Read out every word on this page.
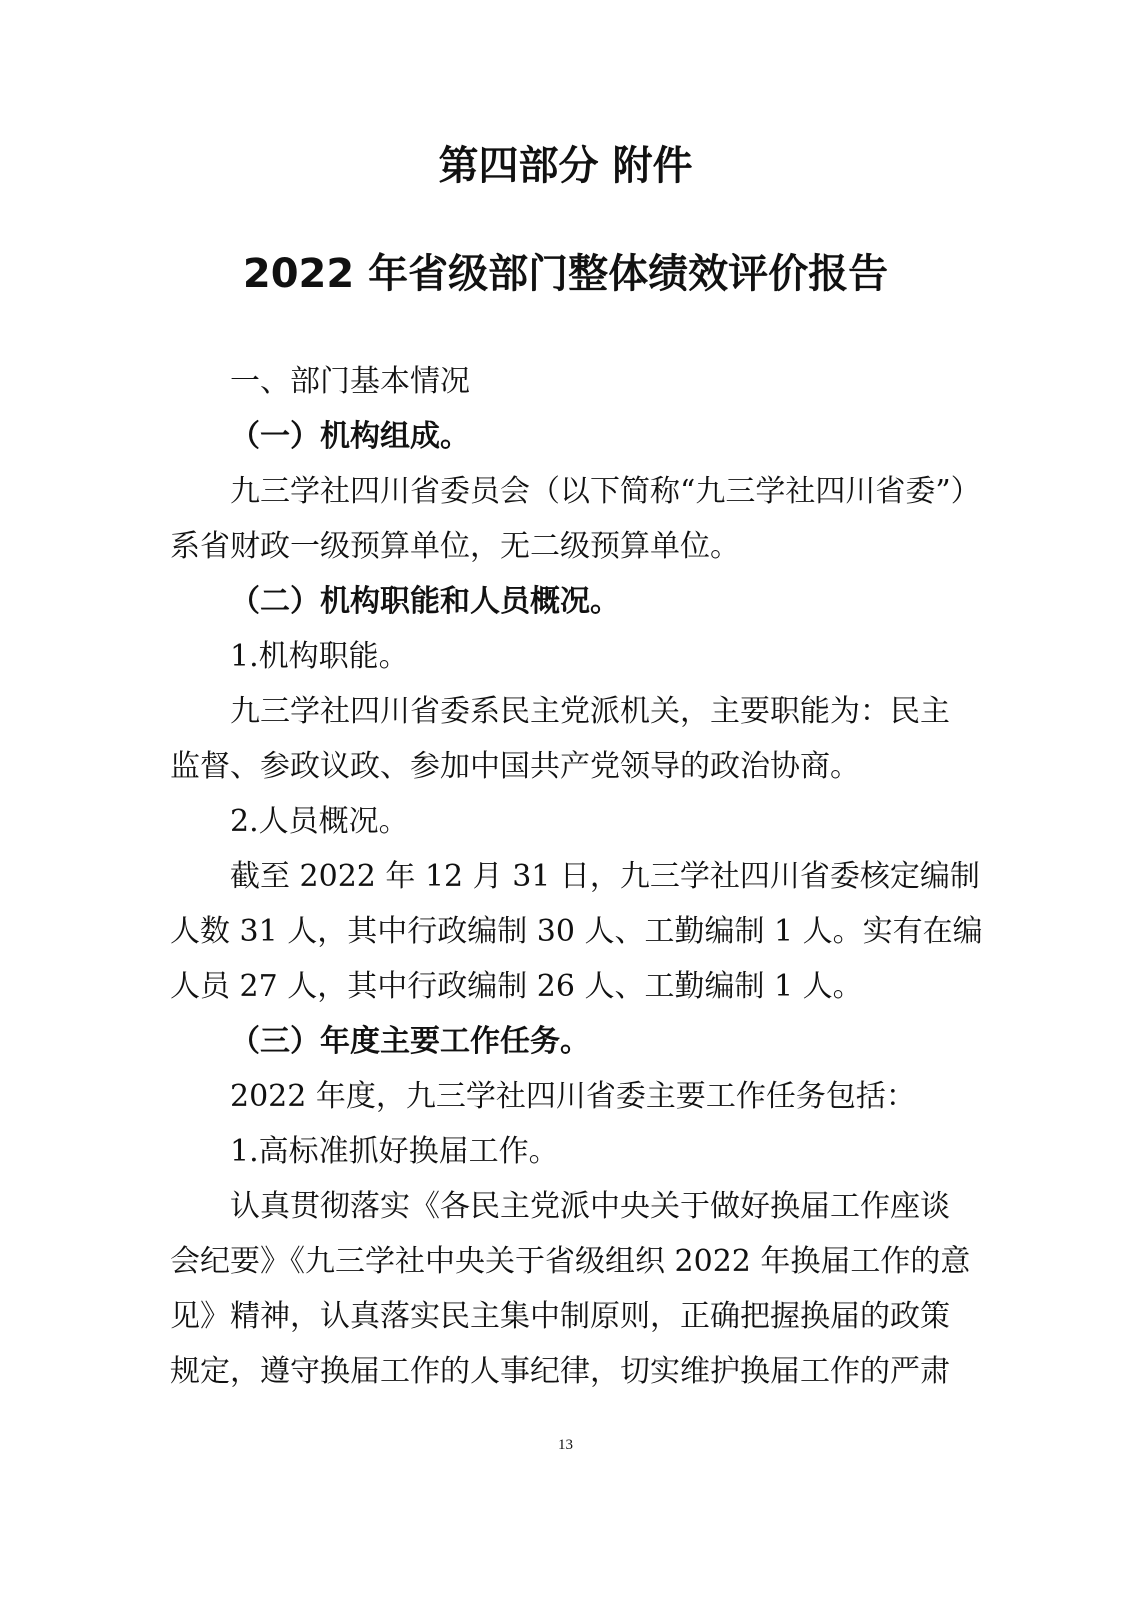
第四部分 附件
2022 年省级部门整体绩效评价报告
一、部门基本情况
（一）机构组成。
九三学社四川省委员会（以下简称“九三学社四川省委”）
系省财政一级预算单位，无二级预算单位。
（二）机构职能和人员概况。
1.机构职能。
九三学社四川省委系民主党派机关，主要职能为：民主
监督、参政议政、参加中国共产党领导的政治协商。
2.人员概况。
截至 2022 年 12 月 31 日，九三学社四川省委核定编制
人数 31 人，其中行政编制 30 人、工勤编制 1 人。实有在编
人员 27 人，其中行政编制 26 人、工勤编制 1 人。
（三）年度主要工作任务。
2022 年度，九三学社四川省委主要工作任务包括：
1.高标准抓好换届工作。
认真贯彻落实《各民主党派中央关于做好换届工作座谈
会纪要》《九三学社中央关于省级组织 2022 年换届工作的意
见》精神，认真落实民主集中制原则，正确把握换届的政策
规定，遵守换届工作的人事纪律，切实维护换届工作的严肃
13
